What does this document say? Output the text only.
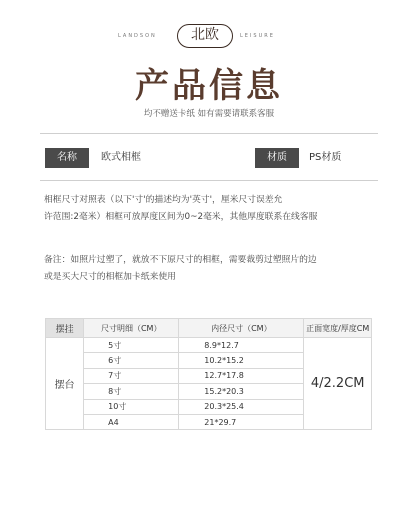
LANDSON	北欧	LEISURE
产品信息
均不赠送卡纸 如有需要请联系客服
名称	欧式相框	材质	PS材质
相框尺寸对照表（以下'寸'的描述均为'英寸'，厘米尺寸误差允
许范围:2毫米）相框可放厚度区间为0~2毫米，其他厚度联系在线客服
备注：如照片过塑了，就放不下原尺寸的相框，需要裁剪过塑照片的边
或是买大尺寸的相框加卡纸来使用
摆挂	尺寸明细（CM）	内径尺寸（CM）	正面宽度/厚度CM
摆台	5寸	8.9*12.7	4/2.2CM
	6寸	10.2*15.2	
	7寸	12.7*17.8	
	8寸	15.2*20.3	
	10寸	20.3*25.4	
	A4	21*29.7	
